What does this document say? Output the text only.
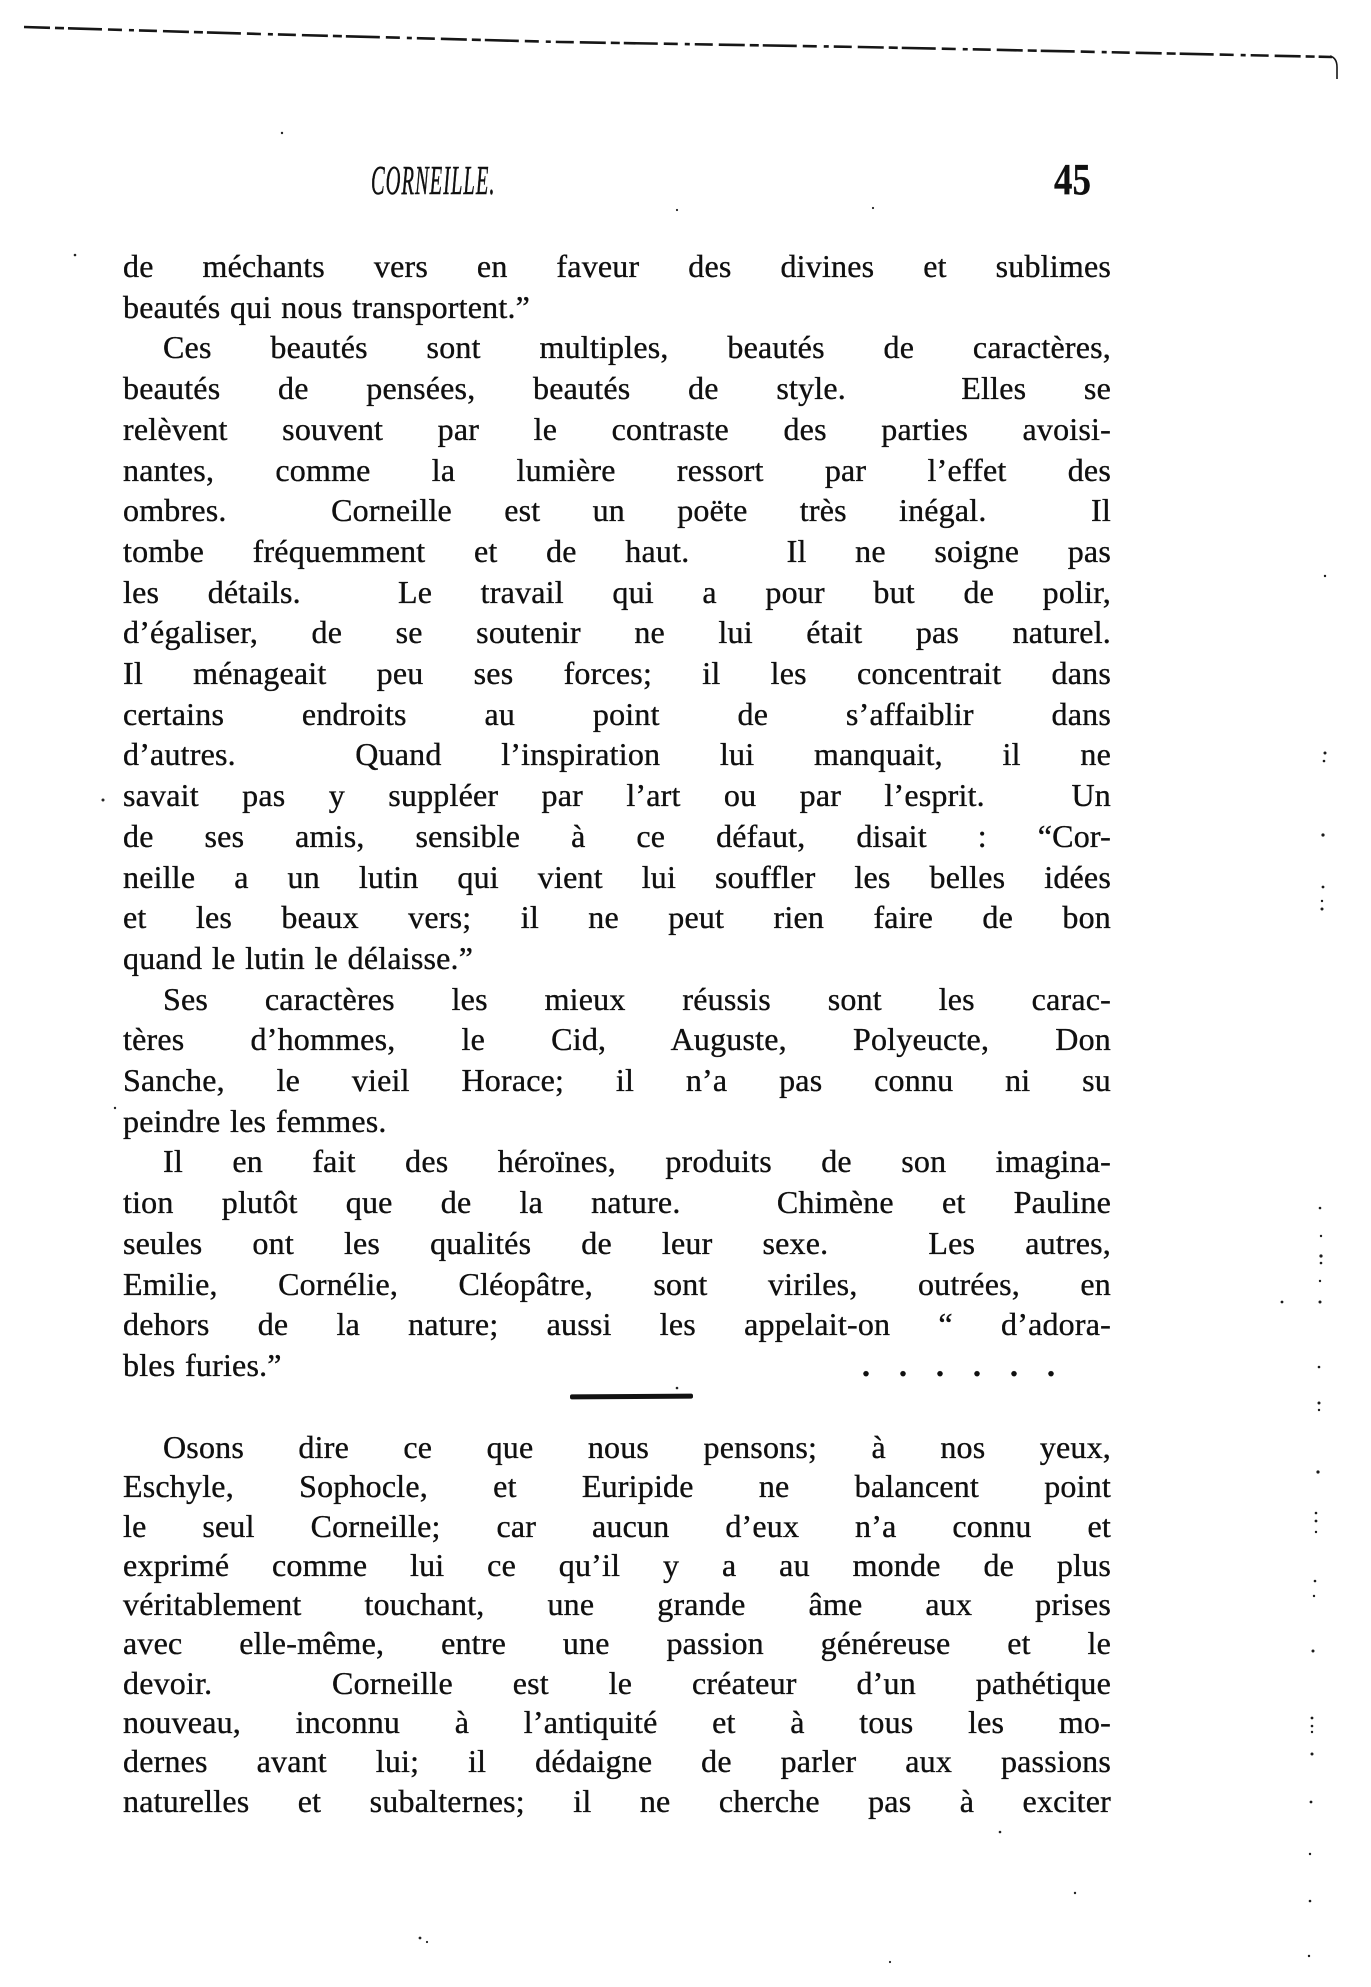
CORNEILLE.	45
de méchants vers en faveur des divines et sublimes
beautés qui nous transportent.”
Ces beautés sont multiples, beautés de caractères,
beautés de pensées, beautés de style.  Elles se
relèvent souvent par le contraste des parties avoisi-
nantes, comme la lumière ressort par l’effet des
ombres.  Corneille est un poëte très inégal.  Il
tombe fréquemment et de haut.  Il ne soigne pas
les détails.  Le travail qui a pour but de polir,
d’égaliser, de se soutenir ne lui était pas naturel.
Il ménageait peu ses forces; il les concentrait dans
certains endroits au point de s’affaiblir dans
d’autres.  Quand l’inspiration lui manquait, il ne
savait pas y suppléer par l’art ou par l’esprit.  Un
de ses amis, sensible à ce défaut, disait : “Cor-
neille a un lutin qui vient lui souffler les belles idées
et les beaux vers; il ne peut rien faire de bon
quand le lutin le délaisse.”
Ses caractères les mieux réussis sont les carac-
tères d’hommes, le Cid, Auguste, Polyeucte, Don
Sanche, le vieil Horace; il n’a pas connu ni su
peindre les femmes.
Il en fait des héroïnes, produits de son imagina-
tion plutôt que de la nature.  Chimène et Pauline
seules ont les qualités de leur sexe.  Les autres,
Emilie, Cornélie, Cléopâtre, sont viriles, outrées, en
dehors de la nature; aussi les appelait-on “ d’adora-
bles furies.”	. . . . . .
Osons dire ce que nous pensons; à nos yeux,
Eschyle, Sophocle, et Euripide ne balancent point
le seul Corneille; car aucun d’eux n’a connu et
exprimé comme lui ce qu’il y a au monde de plus
véritablement touchant, une grande âme aux prises
avec elle-même, entre une passion généreuse et le
devoir.  Corneille est le créateur d’un pathétique
nouveau, inconnu à l’antiquité et à tous les mo-
dernes avant lui; il dédaigne de parler aux passions
naturelles et subalternes; il ne cherche pas à exciter
